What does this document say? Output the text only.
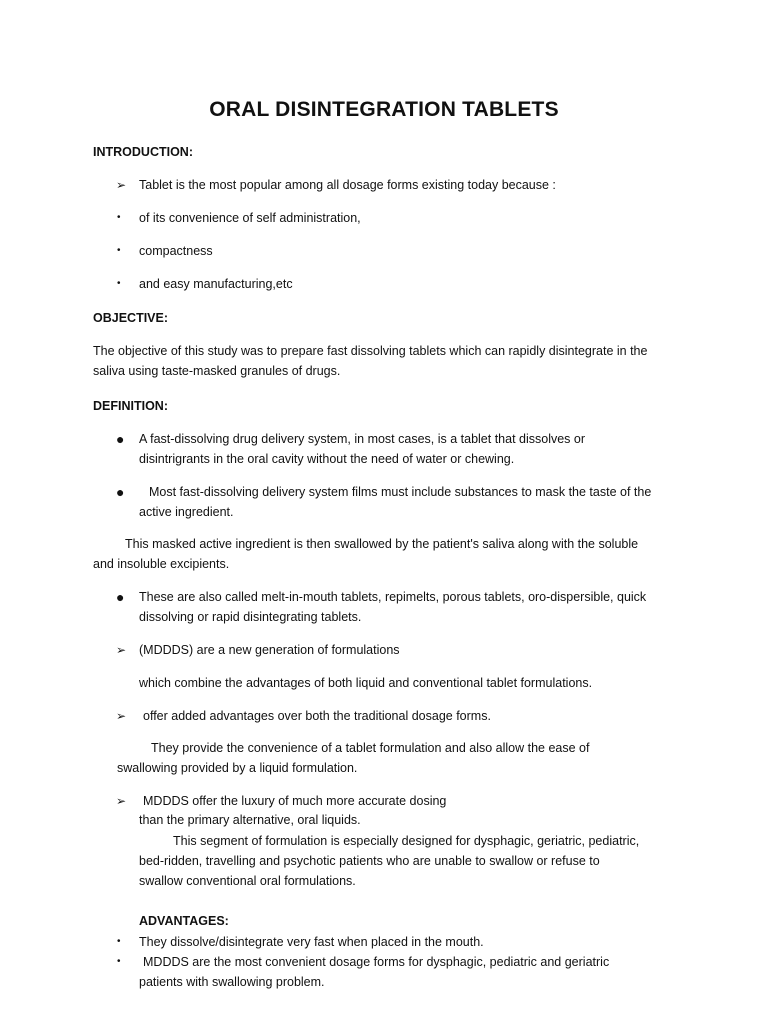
ORAL DISINTEGRATION TABLETS
INTRODUCTION:
➢ Tablet is the most popular among all dosage forms existing today because :
• of its convenience of self administration,
• compactness
• and easy manufacturing,etc
OBJECTIVE:
The objective of this study was to prepare fast dissolving tablets which can rapidly disintegrate in the
saliva using taste-masked granules of drugs.
DEFINITION:
● A fast-dissolving drug delivery system, in most cases, is a tablet that dissolves or
disintrigrants in the oral cavity without the need of water or chewing.
● Most fast-dissolving delivery system films must include substances to mask the taste of the
active ingredient.
This masked active ingredient is then swallowed by the patient's saliva along with the soluble
and insoluble excipients.
● These are also called melt-in-mouth tablets, repimelts, porous tablets, oro-dispersible, quick
dissolving or rapid disintegrating tablets.
➢ (MDDDS) are a new generation of formulations
which combine the advantages of both liquid and conventional tablet formulations.
➢ offer added advantages over both the traditional dosage forms.
They provide the convenience of a tablet formulation and also allow the ease of
swallowing provided by a liquid formulation.
➢ MDDDS offer the luxury of much more accurate dosing
than the primary alternative, oral liquids.
This segment of formulation is especially designed for dysphagic, geriatric, pediatric,
bed-ridden, travelling and psychotic patients who are unable to swallow or refuse to
swallow conventional oral formulations.
ADVANTAGES:
• They dissolve/disintegrate very fast when placed in the mouth.
• MDDDS are the most convenient dosage forms for dysphagic, pediatric and geriatric
patients with swallowing problem.
